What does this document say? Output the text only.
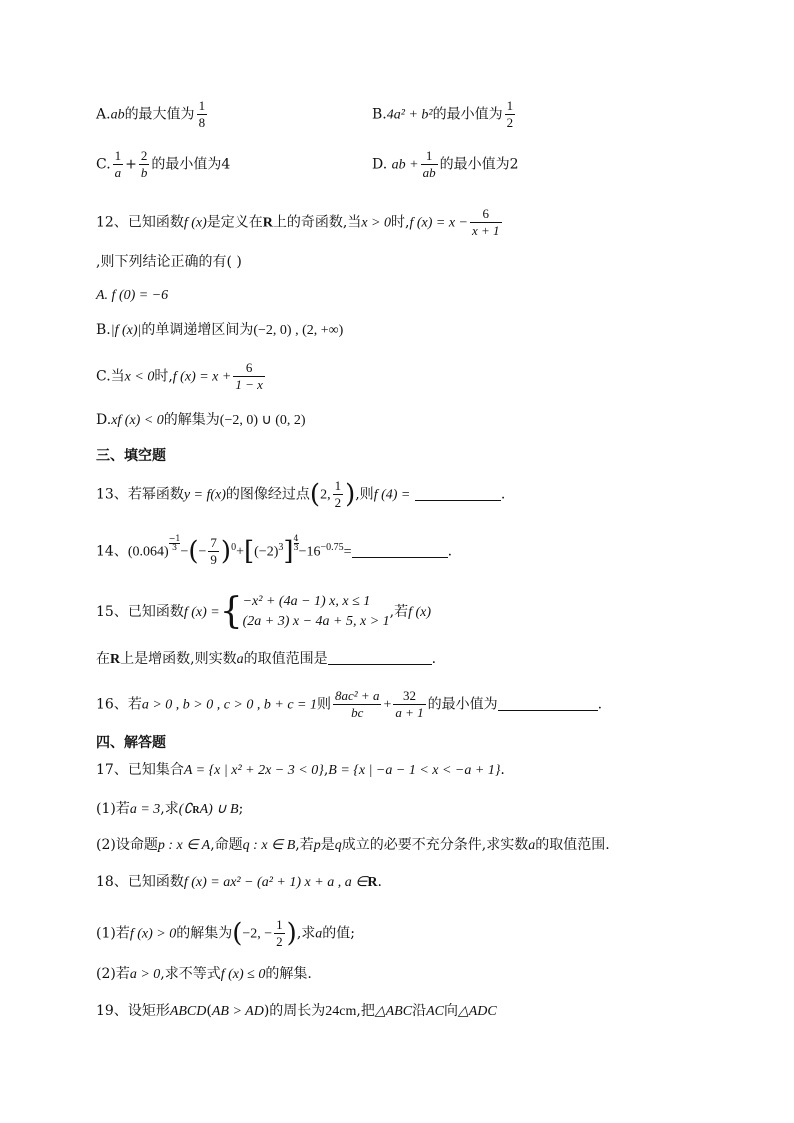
A.ab的最大值为 $\frac{1}{8}$	B.4a² + b²的最小值为 $\frac{1}{2}$
C. $\frac{1}{a} + \frac{2}{b}$ 的最小值为4	D. ab + $\frac{1}{ab}$ 的最小值为2
12、已知函数f (x)是定义在R上的奇函数,当x > 0时,f $(x) = x - \frac{6}{x + 1}$
,则下列结论正确的有( )
A. f (0) = −6
B.|f (x)|的单调递增区间为(−2, 0) , (2, +∞)
C.当x < 0时,f $(x) = x + \frac{6}{1 - x}$
D.xf (x) < 0的解集为(−2, 0) ∪ (0, 2)
三、填空题
13、若幂函数y = f(x)的图像经过点(2, $\frac{1}{2}$ ),则f (4) =	.
14、(0.064)
$\frac{-1}{3}$
−(− $\frac{7}{9} )^0+[(-2)^3] \frac{4}{3}$
$-16^{-0.75}=$	.
15、已知函数f (x) ={ −x² + (4a − 1) x, x ≤ 1
(2a + 3) x − 4a + 5, x > 1
,若f (x)
在R上是增函数,则实数a的取值范围是	.
16、若a > 0 , b > 0 , c > 0 , b + c = 1则 $\frac{\text{8ac² + a}}{bc} + \frac{32}{a + 1}$ 的最小值为	.
四、解答题
17、已知集合A = {x | x² + 2x − 3 < 0},B = {x | −a − 1 < x < −a + 1}.
(1)若a = 3,求(∁RA) ∪ B;
(2)设命题p : x ∈ A,命题q : x ∈ B,若p是q成立的必要不充分条件,求实数a的取值范围.
18、已知函数f (x) = ax² − (a² + 1) x + a , a ∈R.
(1)若f (x) > 0的解集为(−2, − $\frac{1}{2}$ ),求a的值;
(2)若a > 0,求不等式f (x) ≤ 0的解集.
19、设矩形ABCD(AB > AD)的周长为24cm,把△ABC沿AC向△ADC
